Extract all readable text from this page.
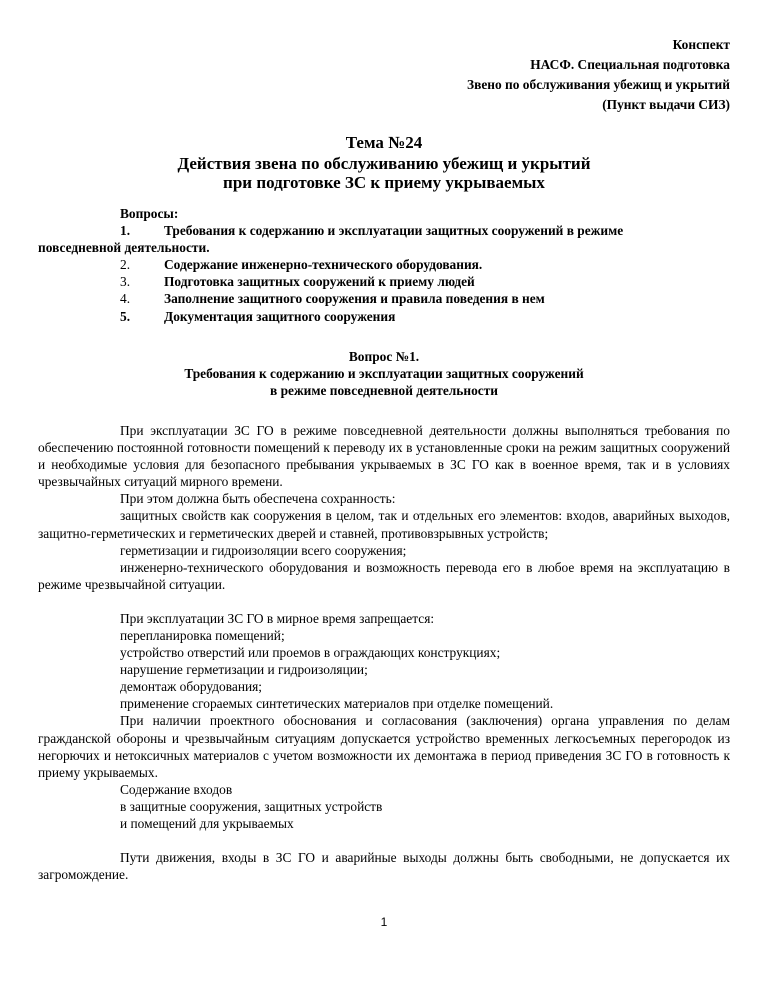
Конспект
НАСФ. Специальная подготовка
Звено по обслуживания убежищ и укрытий
(Пункт выдачи СИЗ)
Тема №24
Действия звена по обслуживанию убежищ и укрытий
при подготовке ЗС к приему укрываемых

Вопросы:

1.	Требования к содержанию и эксплуатации защитных сооружений в режиме
повседневной деятельности.
2.	Содержание инженерно-технического оборудования.
3.	Подготовка защитных сооружений к приему людей
4.	Заполнение защитного сооружения и правила поведения в нем
5.	Документация защитного сооружения
Вопрос №1.
Требования к содержанию и эксплуатации защитных сооружений
в режиме повседневной деятельности

При эксплуатации ЗС ГО в режиме повседневной деятельности должны выполняться требования по обеспечению постоянной готовности помещений к переводу их в установленные сроки на режим защитных сооружений и необходимые условия для безопасного пребывания укрываемых в ЗС ГО как в военное время, так и в условиях чрезвычайных ситуаций мирного времени.

При этом должна быть обеспечена сохранность:

защитных свойств как сооружения в целом, так и отдельных его элементов: входов, аварийных выходов, защитно-герметических и герметических дверей и ставней, противовзрывных устройств;

герметизации и гидроизоляции всего сооружения;

инженерно-технического оборудования и возможность перевода его в любое время на эксплуатацию в режиме чрезвычайной ситуации.

При эксплуатации ЗС ГО в мирное время запрещается:

перепланировка помещений;

устройство отверстий или проемов в ограждающих конструкциях;

нарушение герметизации и гидроизоляции;

демонтаж оборудования;

применение сгораемых синтетических материалов при отделке помещений.

При наличии проектного обоснования и согласования (заключения) органа управления по делам гражданской обороны и чрезвычайным ситуациям допускается устройство временных легкосъемных перегородок из негорючих и нетоксичных материалов с учетом возможности их демонтажа в период приведения ЗС ГО в готовность к приему укрываемых.

Содержание входов

в защитные сооружения, защитных устройств

и помещений для укрываемых

Пути движения, входы в ЗС ГО и аварийные выходы должны быть свободными, не допускается их загромождение.

1
